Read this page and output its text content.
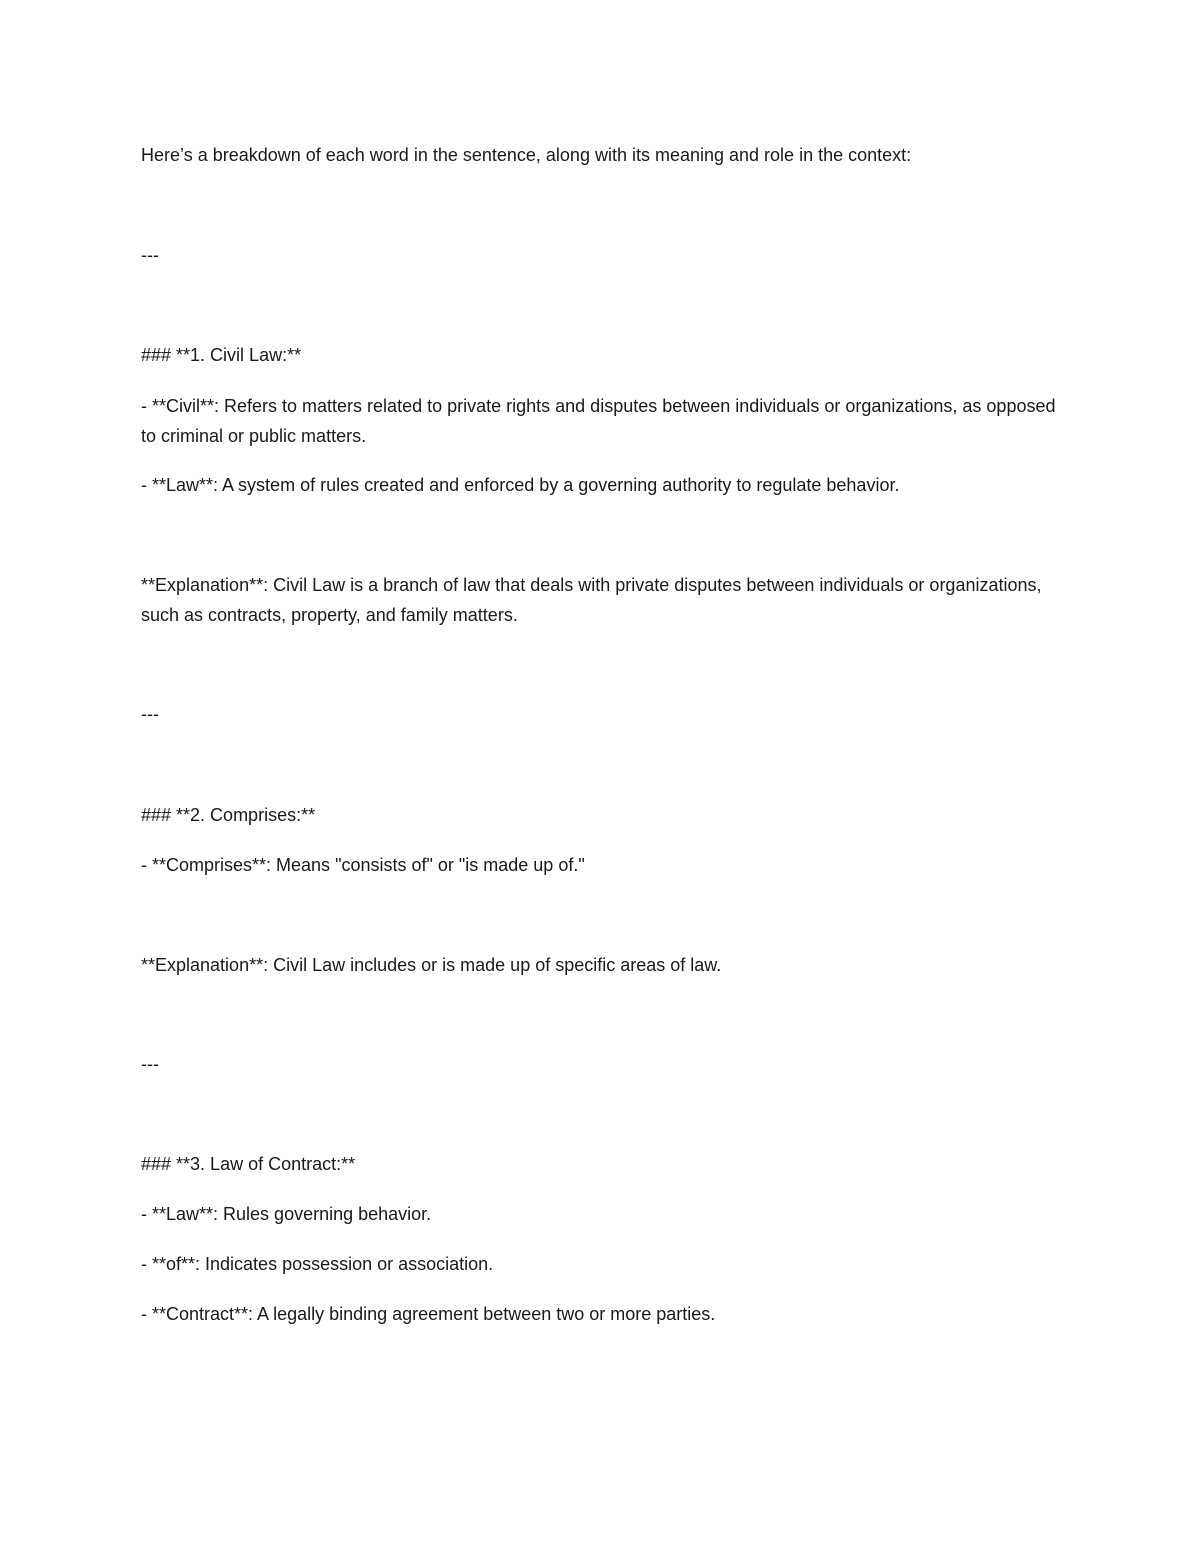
Here’s a breakdown of each word in the sentence, along with its meaning and role in the context:

---

### **1. Civil Law:**

- **Civil**: Refers to matters related to private rights and disputes between individuals or organizations, as opposed to criminal or public matters.

- **Law**: A system of rules created and enforced by a governing authority to regulate behavior.

**Explanation**: Civil Law is a branch of law that deals with private disputes between individuals or organizations, such as contracts, property, and family matters.

---

### **2. Comprises:**

- **Comprises**: Means "consists of" or "is made up of."

**Explanation**: Civil Law includes or is made up of specific areas of law.

---

### **3. Law of Contract:**

- **Law**: Rules governing behavior.

- **of**: Indicates possession or association.

- **Contract**: A legally binding agreement between two or more parties.
